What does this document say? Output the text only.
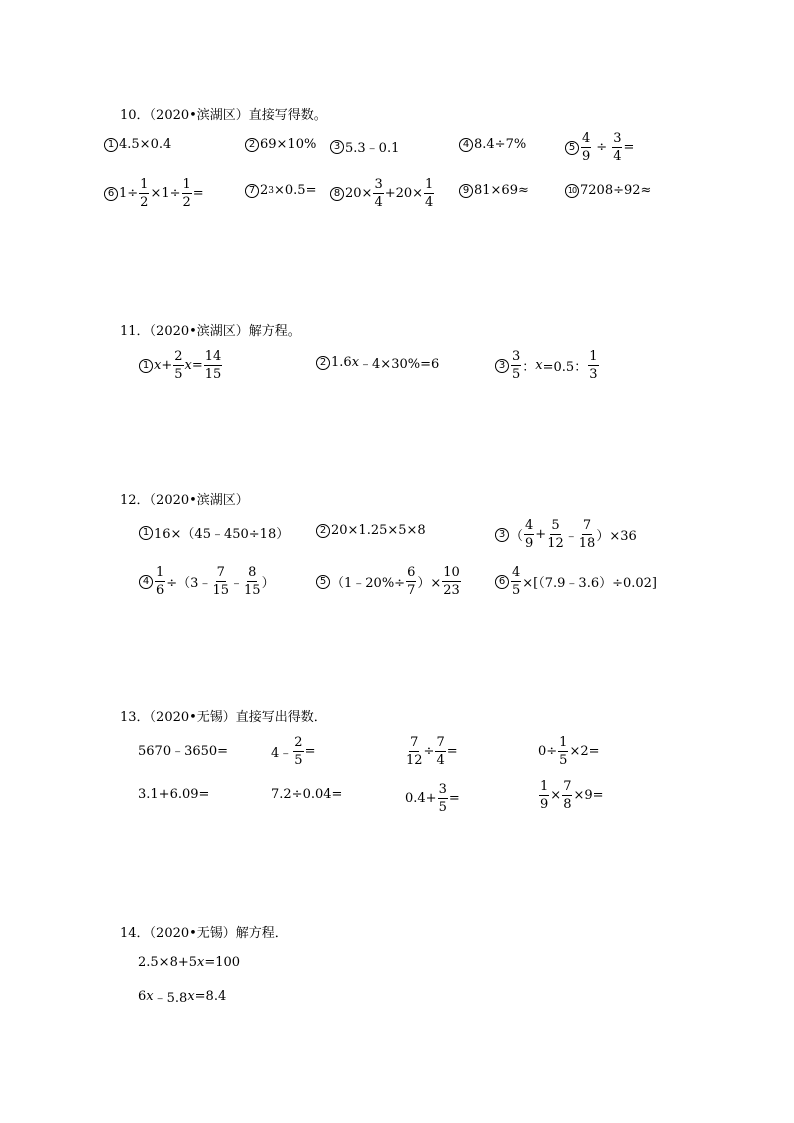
10．（2020•滨湖区）直接写得数。
1 4.5×0.4	2 69×10%	3 5.3﹣0.1	4 8.4÷7%	$5 \frac{4}{9} \div \frac{3}{4}$ =
6 $1\div \frac{1}{2} \times 1\div \frac{1}{2}$ =	7 2 3 ×0.5=	8 $20\times \frac{3}{4} +20\times \frac{1}{4}$	9 81×69≈	10 7208÷92≈
11．（2020•滨湖区）解方程。
1 $x + \frac{2}{5}$ $x = \frac{14}{15}$	2 1.6 x ﹣4×30%=6	$3 \frac{3}{5}$ ： x =0.5： $\frac{1}{3}$
12．（2020•滨湖区）
1 16×（45﹣450÷18）	2 20×1.25×5×8	3 （ $\frac{4}{9} + \frac{5}{12}$ ﹣ $\frac{7}{18} )\times 36$
$4 \frac{1}{6}$ ÷（3﹣ $\frac{7}{15}$ ﹣ $\frac{8}{15}$ ）	5 （1﹣20%÷ $\frac{6}{7}$ ）× $\frac{10}{23}$	$6 \frac{4}{5}$ ×[（7.9﹣3.6）÷0.02]
13．（2020•无锡）直接写出得数．
5670﹣3650=	4﹣ $\frac{2}{5}$ =	$\frac{7}{12} \div \frac{7}{4}$ =	$0\div \frac{1}{5} \times 2=$
3.1+6.09=	7.2÷0.04=	$0.4+ \frac{3}{5}$ =	$\frac{1}{9} \times \frac{7}{8} \times 9=$
14．（2020•无锡）解方程．
2.5×8+5 x =100
6 x ﹣5.8 x =8.4
